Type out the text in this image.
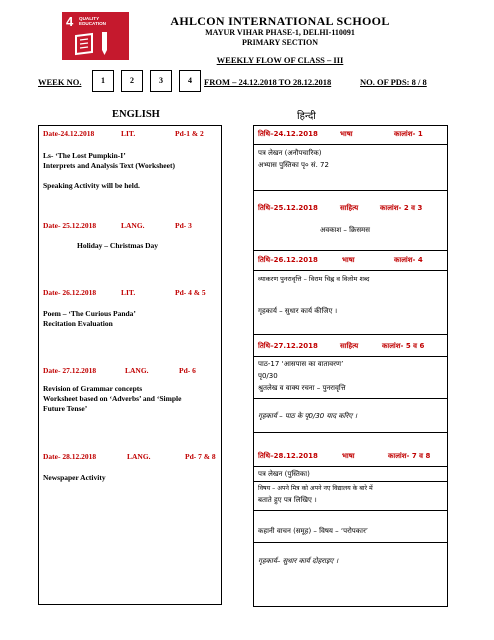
4 QUALITY
EDUCATION	AHLCON INTERNATIONAL SCHOOL
MAYUR VIHAR PHASE-1, DELHI-110091
PRIMARY SECTION
WEEKLY FLOW OF CLASS – III
WEEK NO.	FROM – 24.12.2018 TO 28.12.2018	NO. OF PDS: 8 / 8
1	2	3	4
ENGLISH	हिन्दी
Date-24.12.2018	LIT.	Pd-1 & 2
Ls- ‘The Lost Pumpkin-I’
Interprets and Analysis Text (Worksheet)
Speaking Activity will be held.
Date- 25.12.2018	LANG.	Pd- 3
Holiday – Christmas Day
Date- 26.12.2018	LIT.	Pd- 4 & 5
Poem – ‘The Curious Panda’
Recitation Evaluation
Date- 27.12.2018	LANG.	Pd- 6
Revision of Grammar concepts
Worksheet based on ‘Adverbs’ and ‘Simple
Future Tense’
Date- 28.12.2018	LANG.	Pd- 7 & 8
Newspaper Activity
तिथि–24.12.2018	भाषा	कालांश- 1
पत्र लेखन (अनौपचारिक)
अभ्यास पुस्तिका पृ० सं. 72
तिथि–25.12.2018	साहित्य	कालांश- 2 व 3
अवकाश – क्रिसमस
तिथि–26.12.2018	भाषा	कालांश- 4
व्याकरण पुनरावृत्ति – विराम चिह्न व विलोम शब्द
गृहकार्य – सुधार कार्य कीजिए ।
तिथि–27.12.2018	साहित्य	कालांश- 5 व 6
पाठ-17 ‘आसपास का वातावरण’
पृ0/30
श्रुतलेख व वाक्य रचना – पुनरावृत्ति
गृहकार्य – पाठ के पृ0/30 याद करिए ।
तिथि–28.12.2018	भाषा	कालांश- 7 व 8
पत्र लेखन (पुस्तिका)
विषय – अपने मित्र को अपने नए विद्यालय के बारे में
बताते हुए पत्र लिखिए ।
कहानी वाचन (समूह) – विषय – ‘परोपकार’
गृहकार्य– सुधार कार्य दोहराइए ।
